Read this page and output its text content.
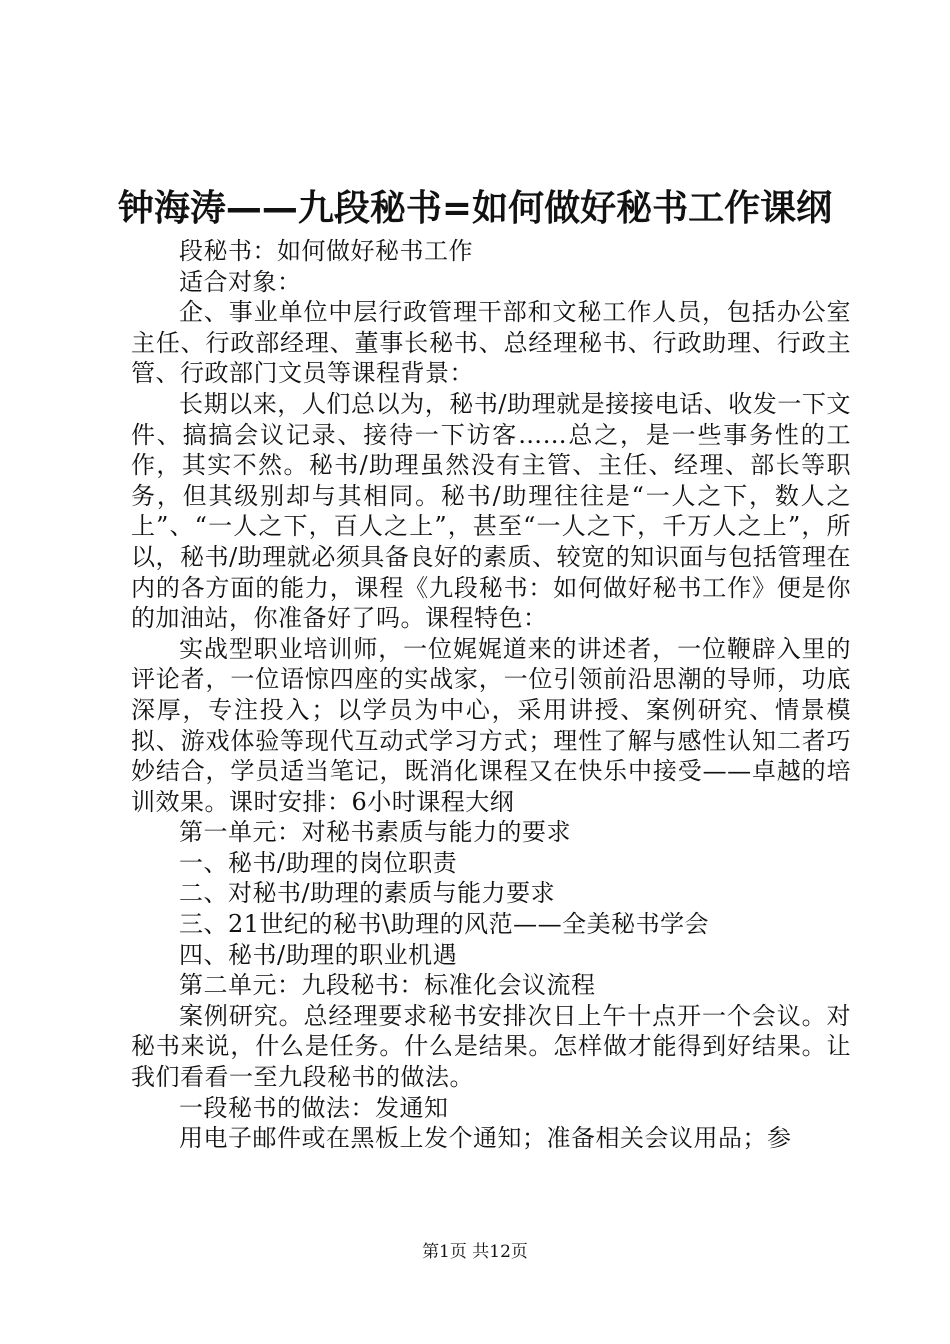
钟海涛——九段秘书=如何做好秘书工作课纲

段秘书：如何做好秘书工作

适合对象：

企、事业单位中层行政管理干部和文秘工作人员，包括办公室主任、行政部经理、董事长秘书、总经理秘书、行政助理、行政主管、行政部门文员等课程背景：

长期以来，人们总以为，秘书/助理就是接接电话、收发一下文件、搞搞会议记录、接待一下访客……总之，是一些事务性的工作，其实不然。秘书/助理虽然没有主管、主任、经理、部长等职务，但其级别却与其相同。秘书/助理往往是“一人之下，数人之上”、“一人之下，百人之上”，甚至“一人之下，千万人之上”，所以，秘书/助理就必须具备良好的素质、较宽的知识面与包括管理在内的各方面的能力，课程《九段秘书：如何做好秘书工作》便是你的加油站，你准备好了吗。课程特色：

实战型职业培训师，一位娓娓道来的讲述者，一位鞭辟入里的评论者，一位语惊四座的实战家，一位引领前沿思潮的导师，功底深厚，专注投入；以学员为中心，采用讲授、案例研究、情景模拟、游戏体验等现代互动式学习方式；理性了解与感性认知二者巧妙结合，学员适当笔记，既消化课程又在快乐中接受——卓越的培训效果。课时安排：6小时课程大纲

第一单元：对秘书素质与能力的要求

一、秘书/助理的岗位职责

二、对秘书/助理的素质与能力要求

三、21世纪的秘书\助理的风范——全美秘书学会

四、秘书/助理的职业机遇

第二单元：九段秘书：标准化会议流程

案例研究。总经理要求秘书安排次日上午十点开一个会议。对秘书来说，什么是任务。什么是结果。怎样做才能得到好结果。让我们看看一至九段秘书的做法。

一段秘书的做法：发通知

用电子邮件或在黑板上发个通知；准备相关会议用品；参

第1页 共12页
